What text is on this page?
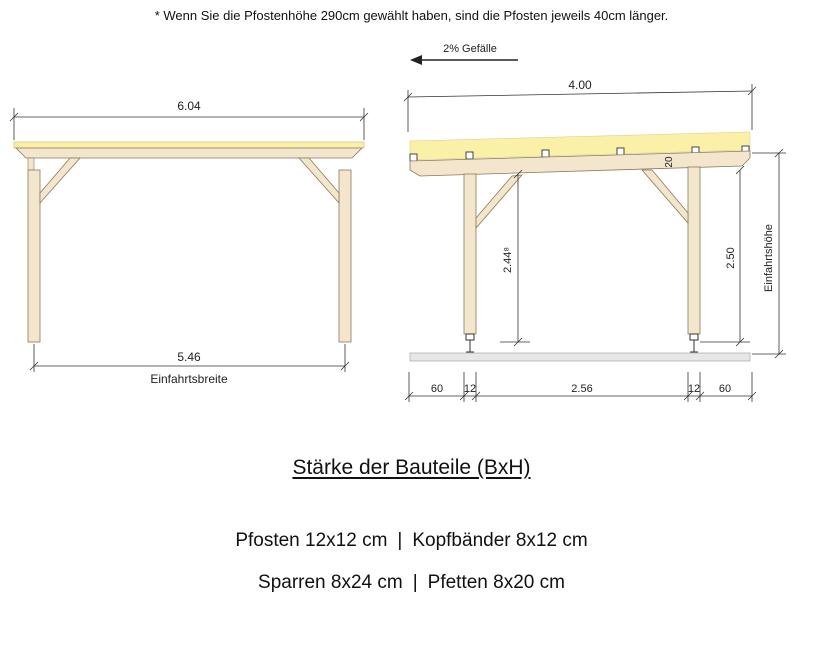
* Wenn Sie die Pfostenhöhe 290cm gewählt haben, sind die Pfosten jeweils 40cm länger.
6.04
5.46
Einfahrtsbreite
2% Gefälle
4.00
20
2.44⁸	2.50 Einfahrtshöhe
60 12	2.56	12 60
Stärke der Bauteile (BxH)
Pfosten 12x12 cm | Kopfbänder 8x12 cm
Sparren 8x24 cm | Pfetten 8x20 cm
